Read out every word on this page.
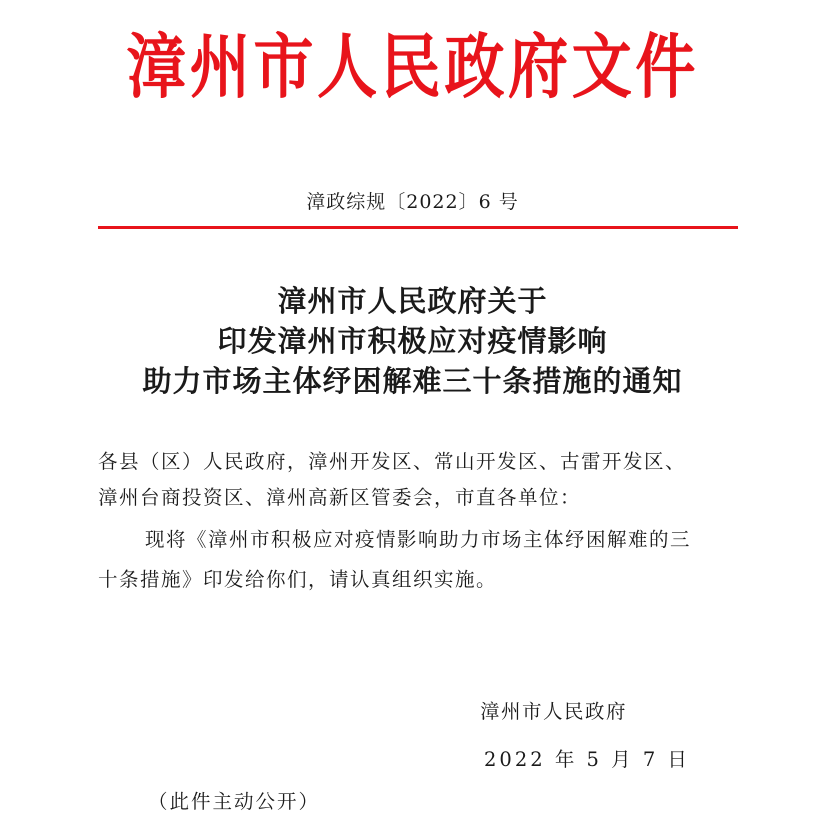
漳州市人民政府文件
漳政综规〔2022〕6 号
漳州市人民政府关于
印发漳州市积极应对疫情影响
助力市场主体纾困解难三十条措施的通知
各县（区）人民政府，漳州开发区、常山开发区、古雷开发区、
漳州台商投资区、漳州高新区管委会，市直各单位：
现将《漳州市积极应对疫情影响助力市场主体纾困解难的三
十条措施》印发给你们，请认真组织实施。
漳州市人民政府
2022 年 5 月 7 日
（此件主动公开）
